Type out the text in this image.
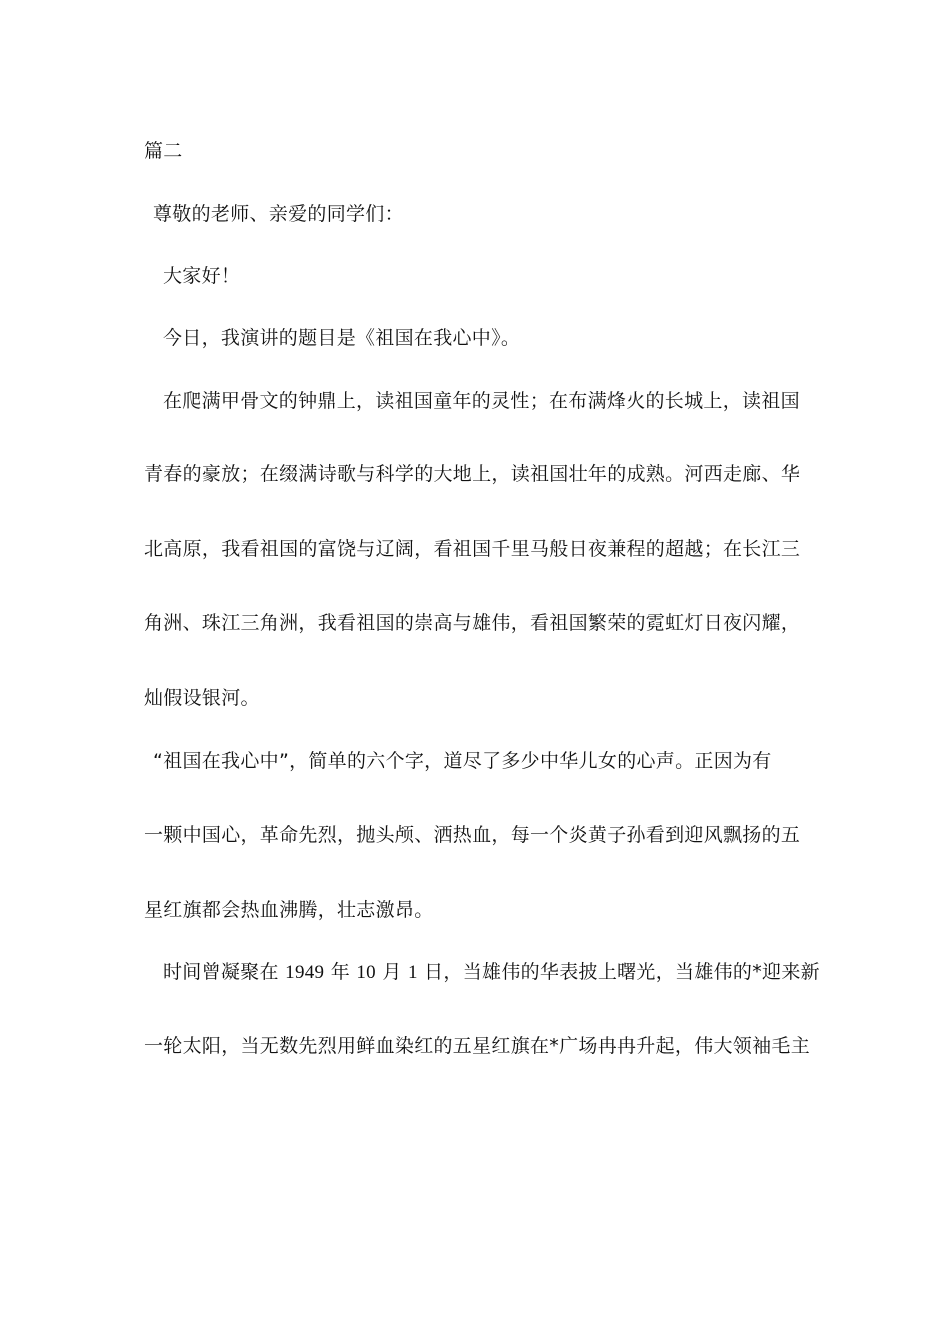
篇二
尊敬的老师、亲爱的同学们：
大家好！
今日，我演讲的题目是《祖国在我心中》。
在爬满甲骨文的钟鼎上，读祖国童年的灵性；在布满烽火的长城上，读祖国
青春的豪放；在缀满诗歌与科学的大地上，读祖国壮年的成熟。河西走廊、华
北高原，我看祖国的富饶与辽阔，看祖国千里马般日夜兼程的超越；在长江三
角洲、珠江三角洲，我看祖国的崇高与雄伟，看祖国繁荣的霓虹灯日夜闪耀，
灿假设银河。
“祖国在我心中”，简单的六个字，道尽了多少中华儿女的心声。正因为有
一颗中国心，革命先烈，抛头颅、洒热血，每一个炎黄子孙看到迎风飘扬的五
星红旗都会热血沸腾，壮志激昂。
时间曾凝聚在 1949 年 10 月 1 日，当雄伟的华表披上曙光，当雄伟的*迎来新
一轮太阳，当无数先烈用鲜血染红的五星红旗在*广场冉冉升起，伟大领袖毛主
